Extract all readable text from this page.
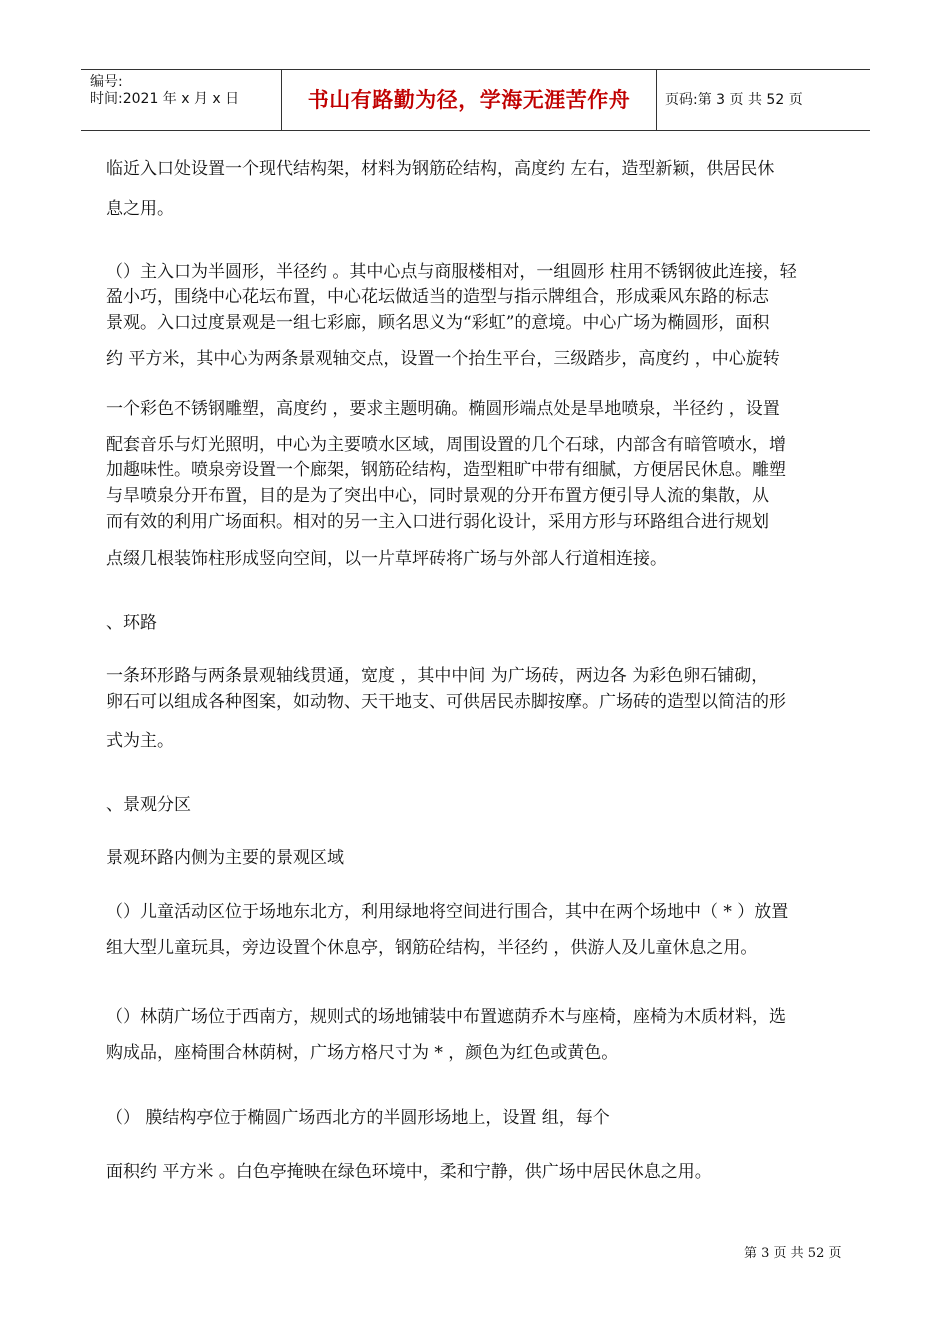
编号:
时间:2021 年 x 月 x 日	书山有路勤为径，学海无涯苦作舟	页码:第 3 页 共 52 页

临近入口处设置一个现代结构架，材料为钢筋砼结构，高度约 左右，造型新颖，供居民休

息之用。

（）主入口为半圆形，半径约 。其中心点与商服楼相对，一组圆形 柱用不锈钢彼此连接，轻

盈小巧，围绕中心花坛布置，中心花坛做适当的造型与指示牌组合，形成乘风东路的标志

景观。入口过度景观是一组七彩廊，顾名思义为“彩虹”的意境。中心广场为椭圆形，面积

约 平方米，其中心为两条景观轴交点，设置一个抬生平台，三级踏步，高度约 ，中心旋转

一个彩色不锈钢雕塑，高度约 ，要求主题明确。椭圆形端点处是旱地喷泉，半径约 ，设置

配套音乐与灯光照明，中心为主要喷水区域，周围设置的几个石球，内部含有暗管喷水，增

加趣味性。喷泉旁设置一个廊架，钢筋砼结构，造型粗旷中带有细腻，方便居民休息。雕塑

与旱喷泉分开布置，目的是为了突出中心，同时景观的分开布置方便引导人流的集散，从

而有效的利用广场面积。相对的另一主入口进行弱化设计，采用方形与环路组合进行规划

点缀几根装饰柱形成竖向空间，以一片草坪砖将广场与外部人行道相连接。

、环路

一条环形路与两条景观轴线贯通，宽度 ，其中中间 为广场砖，两边各 为彩色卵石铺砌，

卵石可以组成各种图案，如动物、天干地支、可供居民赤脚按摩。广场砖的造型以简洁的形

式为主。

、景观分区

景观环路内侧为主要的景观区域

（）儿童活动区位于场地东北方，利用绿地将空间进行围合，其中在两个场地中（ * ）放置

组大型儿童玩具，旁边设置个休息亭，钢筋砼结构，半径约 ，供游人及儿童休息之用。

（）林荫广场位于西南方，规则式的场地铺装中布置遮荫乔木与座椅，座椅为木质材料，选

购成品，座椅围合林荫树，广场方格尺寸为 * ，颜色为红色或黄色。

（） 膜结构亭位于椭圆广场西北方的半圆形场地上，设置 组，每个

面积约 平方米 。白色亭掩映在绿色环境中，柔和宁静，供广场中居民休息之用。

第 3 页 共 52 页
